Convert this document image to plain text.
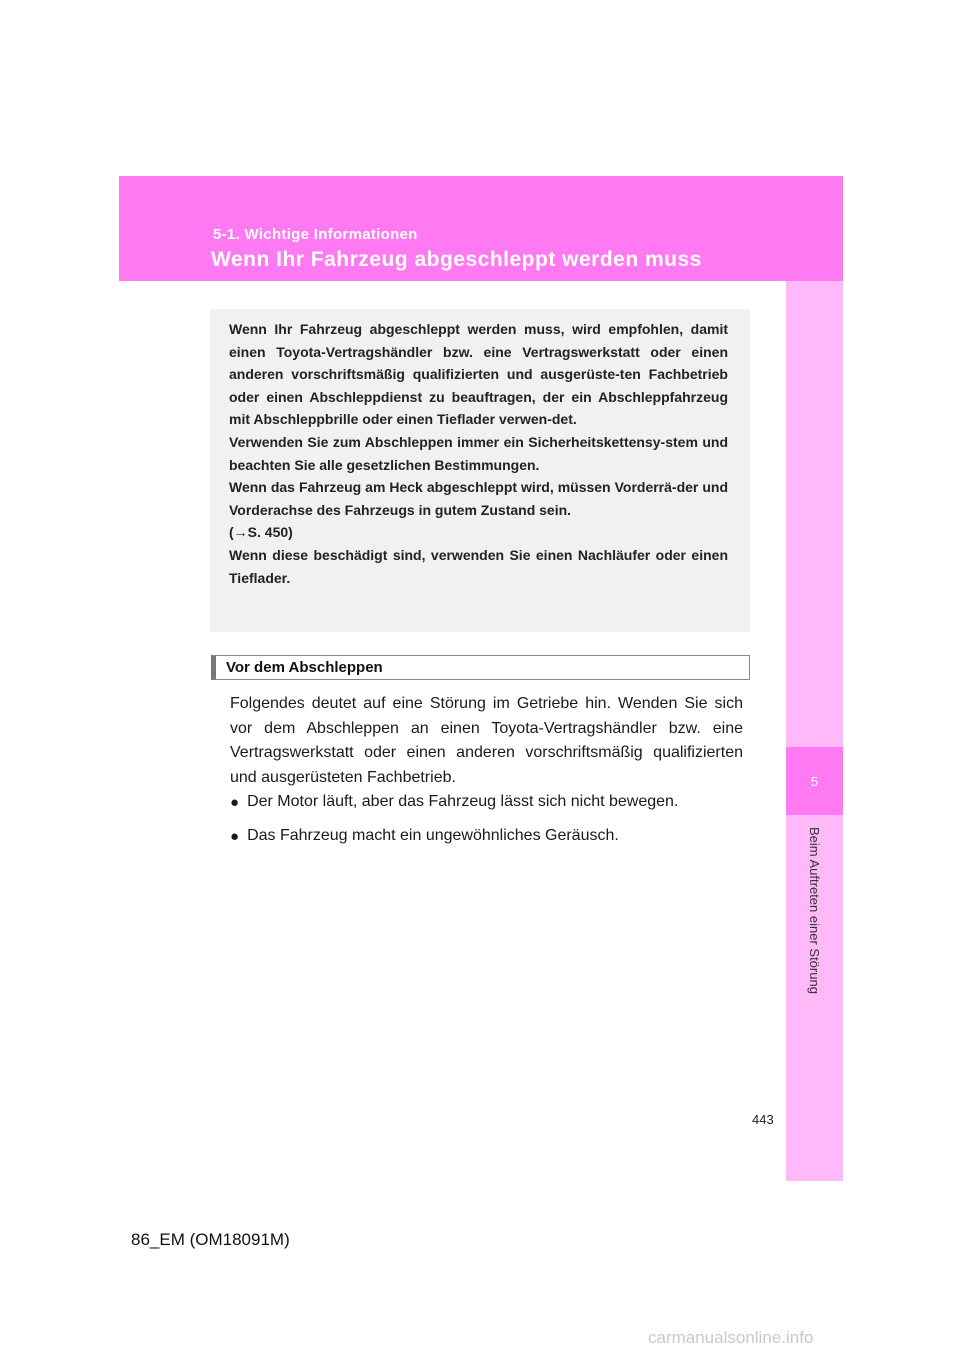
5-1. Wichtige Informationen
Wenn Ihr Fahrzeug abgeschleppt werden muss
5
Beim Auftreten einer Störung

Wenn Ihr Fahrzeug abgeschleppt werden muss, wird empfohlen, damit einen Toyota-Vertragshändler bzw. eine Vertragswerkstatt oder einen anderen vorschriftsmäßig qualifizierten und ausgerüste-ten Fachbetrieb oder einen Abschleppdienst zu beauftragen, der ein Abschleppfahrzeug mit Abschleppbrille oder einen Tieflader verwen-det.

Verwenden Sie zum Abschleppen immer ein Sicherheitskettensy-stem und beachten Sie alle gesetzlichen Bestimmungen.

Wenn das Fahrzeug am Heck abgeschleppt wird, müssen Vorderrä-der und Vorderachse des Fahrzeugs in gutem Zustand sein.

(→S. 450)

Wenn diese beschädigt sind, verwenden Sie einen Nachläufer oder einen Tieflader.

Vor dem Abschleppen

Folgendes deutet auf eine Störung im Getriebe hin. Wenden Sie sich vor dem Abschleppen an einen Toyota-Vertragshändler bzw. eine Vertragswerkstatt oder einen anderen vorschriftsmäßig qualifizierten und ausgerüsteten Fachbetrieb.

● Der Motor läuft, aber das Fahrzeug lässt sich nicht bewegen.
● Das Fahrzeug macht ein ungewöhnliches Geräusch.
443
86_EM (OM18091M)
carmanualsonline.info
